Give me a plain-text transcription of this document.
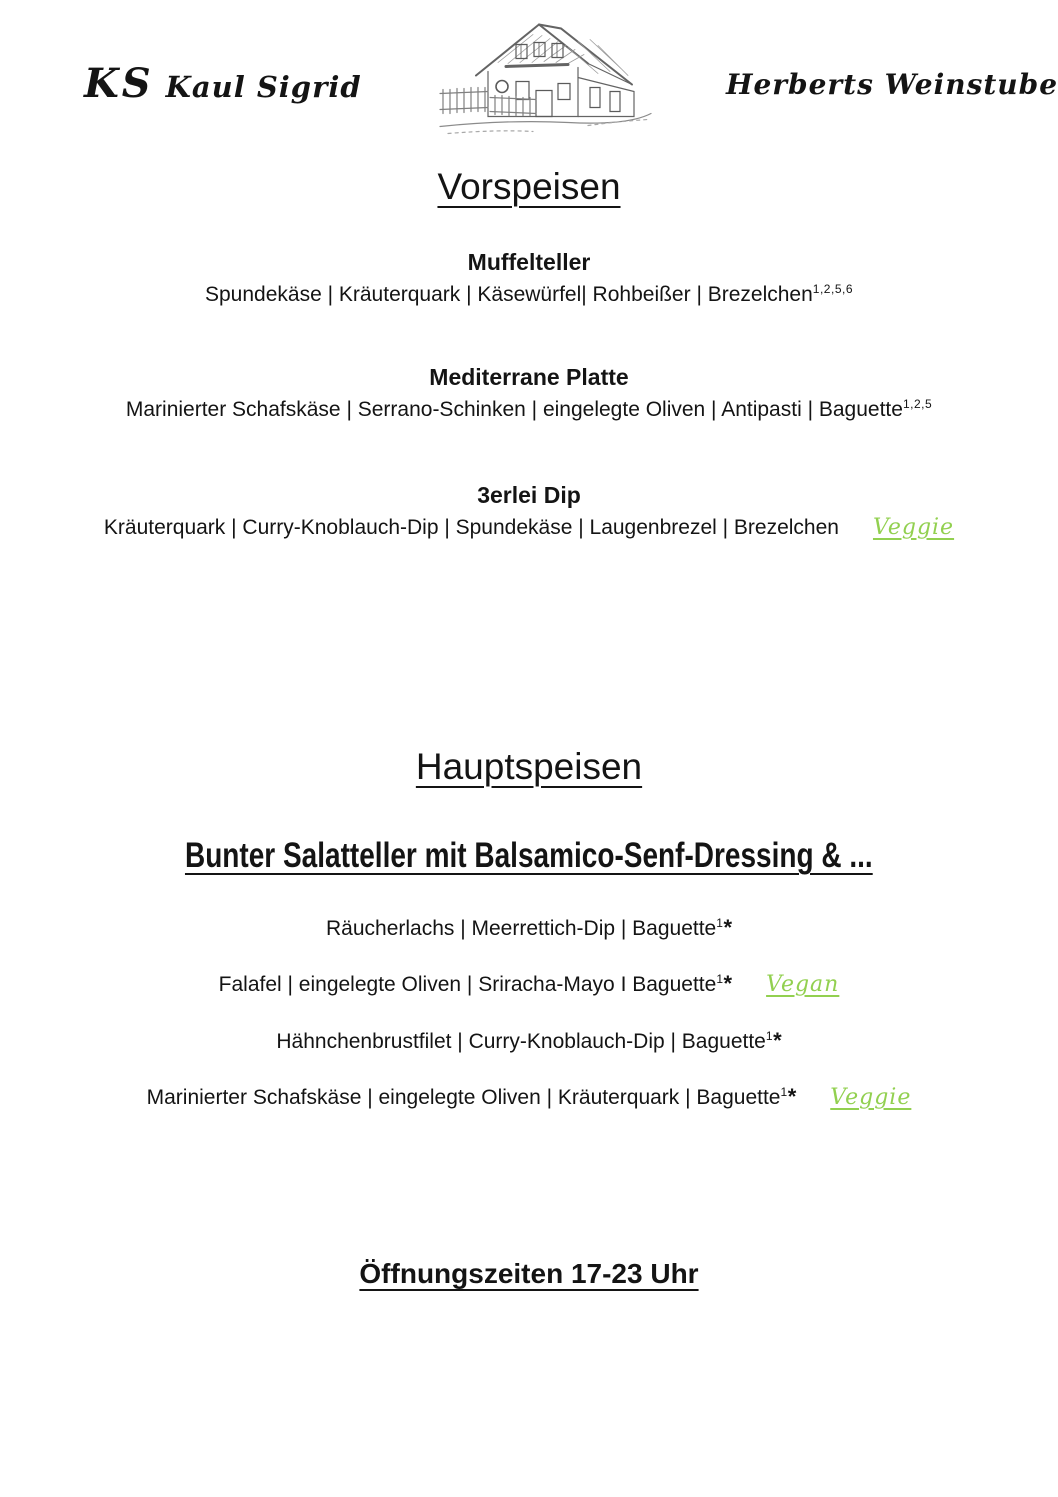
KS Kaul Sigrid	Herberts Weinstube
Vorspeisen
Muffelteller
Spundekäse | Kräuterquark | Käsewürfel| Rohbeißer | Brezelchen$^{1,2,5,6}$
Mediterrane Platte
Marinierter Schafskäse | Serrano-Schinken | eingelegte Oliven | Antipasti | Baguette$^{1,2,5}$
3erlei Dip
Kräuterquark | Curry-Knoblauch-Dip | Spundekäse | Laugenbrezel | Brezelchen Veggie
Hauptspeisen
Bunter Salatteller mit Balsamico-Senf-Dressing & ...
Räucherlachs | Meerrettich-Dip | Baguette$^1$*
Falafel | eingelegte Oliven | Sriracha-Mayo I Baguette$^1$* Vegan
Hähnchenbrustfilet | Curry-Knoblauch-Dip | Baguette$^1$*
Marinierter Schafskäse | eingelegte Oliven | Kräuterquark | Baguette$^1$* Veggie
Öffnungszeiten 17-23 Uhr
